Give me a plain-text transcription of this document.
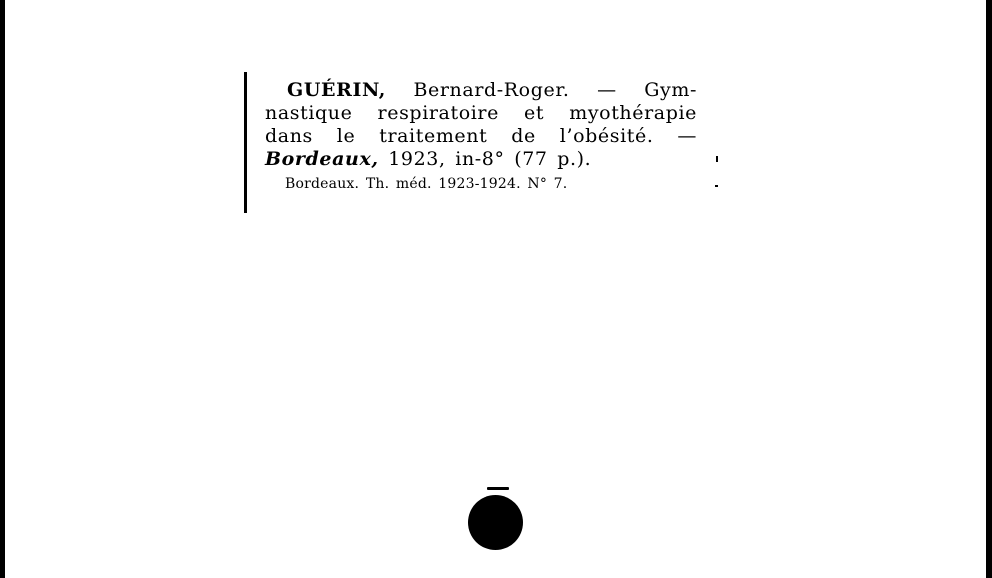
GUÉRIN, Bernard-Roger. — Gym-
nastique respiratoire et myothérapie
dans le traitement de l’obésité. —
Bordeaux, 1923, in-8° (77 p.).
Bordeaux. Th. méd. 1923-1924. N° 7.
